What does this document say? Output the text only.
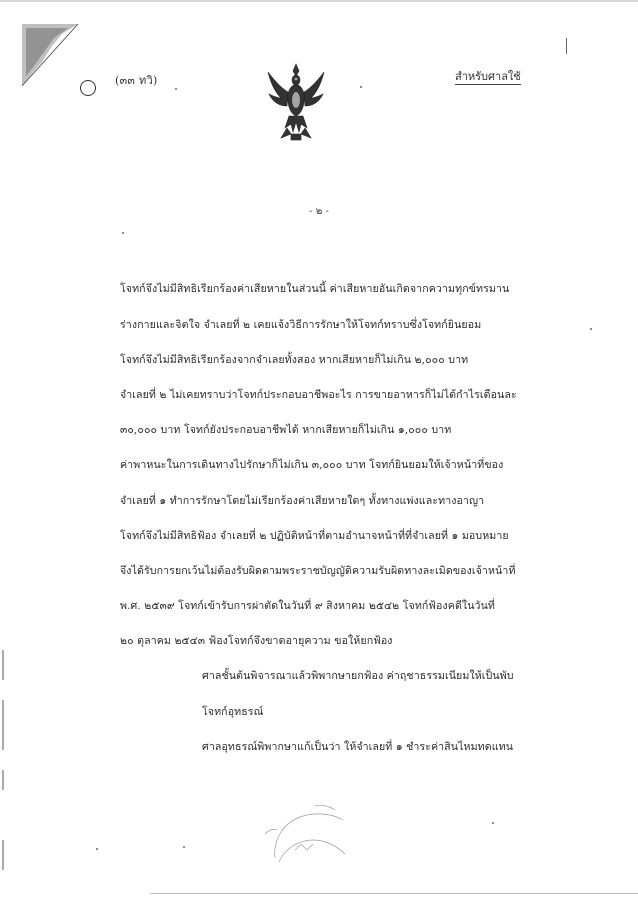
(๓๓ ทวิ)	สำหรับศาลใช้
- ๒ -
โจทก์จึงไม่มีสิทธิเรียกร้องค่าเสียหายในส่วนนี้ ค่าเสียหายอันเกิดจากความทุกข์ทรมาน
ร่างกายและจิตใจ จำเลยที่ ๒ เคยแจ้งวิธีการรักษาให้โจทก์ทราบซึ่งโจทก์ยินยอม
โจทก์จึงไม่มีสิทธิเรียกร้องจากจำเลยทั้งสอง หากเสียหายก็ไม่เกิน ๒,๐๐๐ บาท
จำเลยที่ ๒ ไม่เคยทราบว่าโจทก์ประกอบอาชีพอะไร การขายอาหารก็ไม่ได้กำไรเดือนละ
๓๐,๐๐๐ บาท โจทก์ยังประกอบอาชีพได้ หากเสียหายก็ไม่เกิน ๑,๐๐๐ บาท
ค่าพาหนะในการเดินทางไปรักษาก็ไม่เกิน ๓,๐๐๐ บาท โจทก์ยินยอมให้เจ้าหน้าที่ของ
จำเลยที่ ๑ ทำการรักษาโดยไม่เรียกร้องค่าเสียหายใดๆ ทั้งทางแพ่งและทางอาญา
โจทก์จึงไม่มีสิทธิฟ้อง จำเลยที่ ๒ ปฏิบัติหน้าที่ตามอำนาจหน้าที่ที่จำเลยที่ ๑ มอบหมาย
จึงได้รับการยกเว้นไม่ต้องรับผิดตามพระราชบัญญัติความรับผิดทางละเมิดของเจ้าหน้าที่
พ.ศ. ๒๕๓๙ โจทก์เข้ารับการผ่าตัดในวันที่ ๙ สิงหาคม ๒๕๔๒ โจทก์ฟ้องคดีในวันที่
๒๐ ตุลาคม ๒๕๔๓ ฟ้องโจทก์จึงขาดอายุความ ขอให้ยกฟ้อง
ศาลชั้นต้นพิจารณาแล้วพิพากษายกฟ้อง ค่าฤชาธรรมเนียมให้เป็นพับ
โจทก์อุทธรณ์
ศาลอุทธรณ์พิพากษาแก้เป็นว่า ให้จำเลยที่ ๑ ชำระค่าสินไหมทดแทน
